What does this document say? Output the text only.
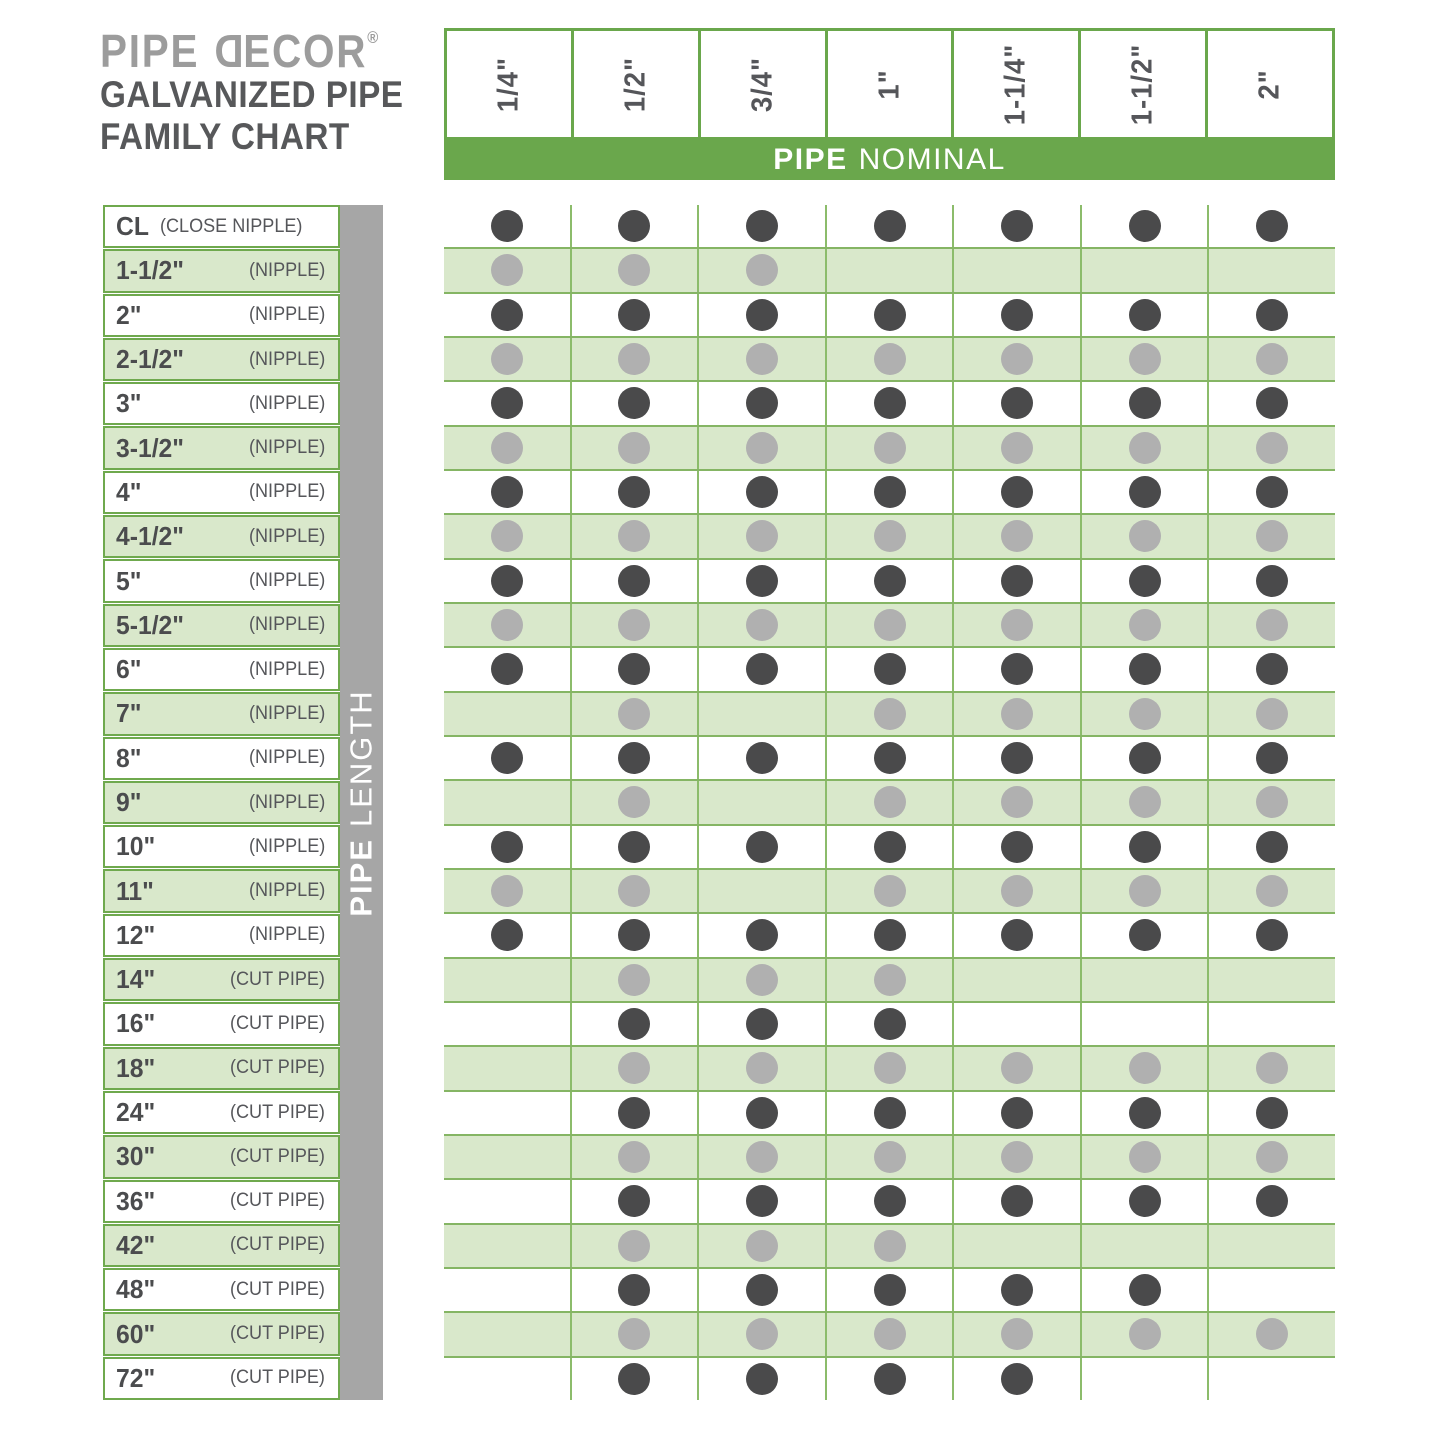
PIPE DECOR®
GALVANIZED PIPE
FAMILY CHART
1/4"	1/2"	3/4"	1"	1-1/4"	1-1/2"	2"
PIPE NOMINAL
CL (CLOSE NIPPLE)
1-1/2"	(NIPPLE)
2"	(NIPPLE)
2-1/2"	(NIPPLE)
3"	(NIPPLE)
3-1/2"	(NIPPLE)
4"	(NIPPLE)
4-1/2"	(NIPPLE)
5"	(NIPPLE)
5-1/2"	(NIPPLE)
6"	(NIPPLE)
7"	(NIPPLE)
8"	(NIPPLE)
9"	(NIPPLE)
10"	(NIPPLE)
11"	(NIPPLE)
12"	(NIPPLE)
14"	(CUT PIPE)
16"	(CUT PIPE)
18"	(CUT PIPE)
24"	(CUT PIPE)
30"	(CUT PIPE)
36"	(CUT PIPE)
42"	(CUT PIPE)
48"	(CUT PIPE)
60"	(CUT PIPE)
72"	(CUT PIPE)
PIPELENGTH
